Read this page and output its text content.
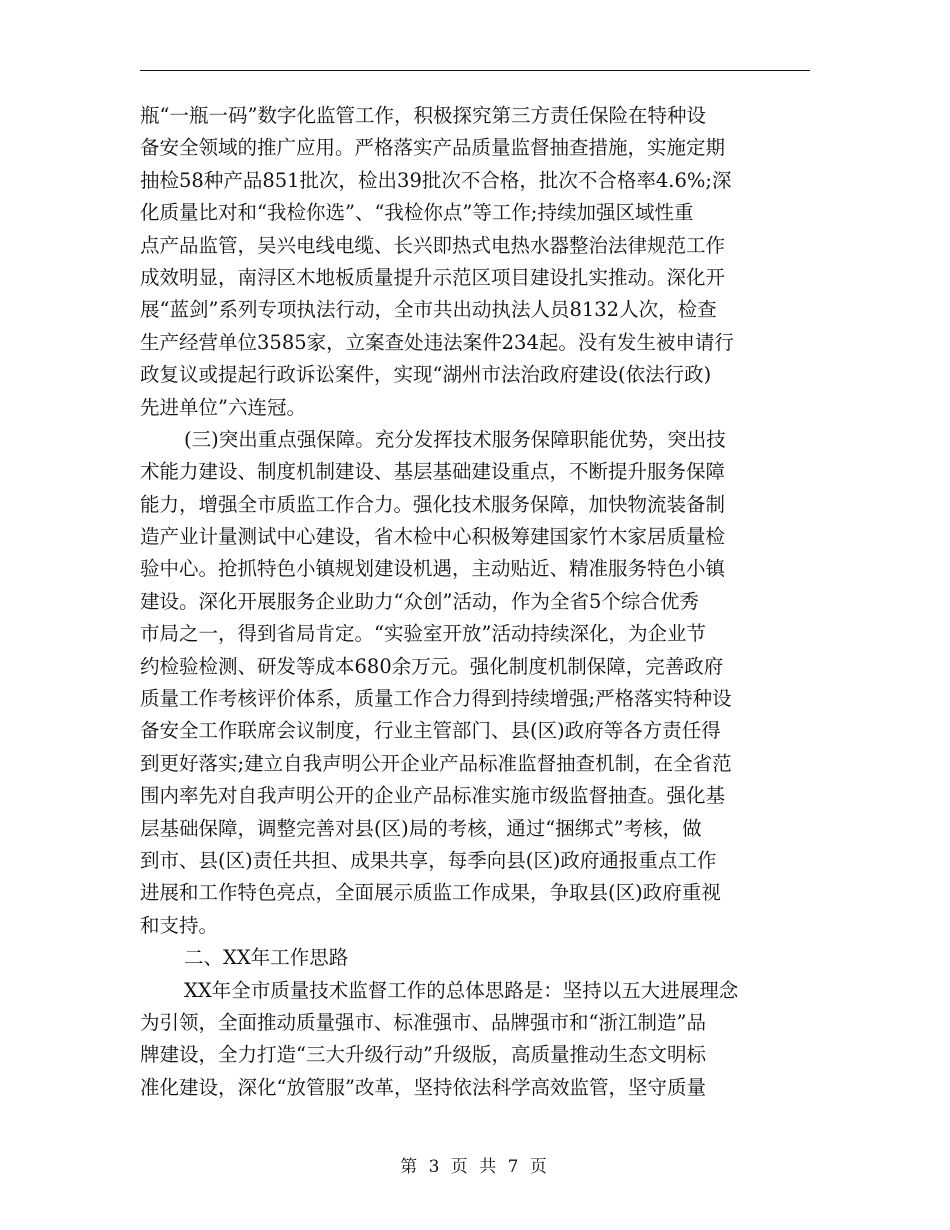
瓶“一瓶一码”数字化监管工作，积极探究第三方责任保险在特种设
备安全领域的推广应用。严格落实产品质量监督抽查措施，实施定期
抽检58种产品851批次，检出39批次不合格，批次不合格率4.6%;深
化质量比对和“我检你选”、“我检你点”等工作;持续加强区域性重
点产品监管，吴兴电线电缆、长兴即热式电热水器整治法律规范工作
成效明显，南浔区木地板质量提升示范区项目建设扎实推动。深化开
展“蓝剑”系列专项执法行动，全市共出动执法人员8132人次，检查
生产经营单位3585家，立案查处违法案件234起。没有发生被申请行
政复议或提起行政诉讼案件，实现“湖州市法治政府建设(依法行政)
先进单位”六连冠。
(三)突出重点强保障。充分发挥技术服务保障职能优势，突出技
术能力建设、制度机制建设、基层基础建设重点，不断提升服务保障
能力，增强全市质监工作合力。强化技术服务保障，加快物流装备制
造产业计量测试中心建设，省木检中心积极筹建国家竹木家居质量检
验中心。抢抓特色小镇规划建设机遇，主动贴近、精准服务特色小镇
建设。深化开展服务企业助力“众创”活动，作为全省5个综合优秀
市局之一，得到省局肯定。“实验室开放”活动持续深化，为企业节
约检验检测、研发等成本680余万元。强化制度机制保障，完善政府
质量工作考核评价体系，质量工作合力得到持续增强;严格落实特种设
备安全工作联席会议制度，行业主管部门、县(区)政府等各方责任得
到更好落实;建立自我声明公开企业产品标准监督抽查机制，在全省范
围内率先对自我声明公开的企业产品标准实施市级监督抽查。强化基
层基础保障，调整完善对县(区)局的考核，通过“捆绑式”考核，做
到市、县(区)责任共担、成果共享，每季向县(区)政府通报重点工作
进展和工作特色亮点，全面展示质监工作成果，争取县(区)政府重视
和支持。
二、XX年工作思路
XX年全市质量技术监督工作的总体思路是：坚持以五大进展理念
为引领，全面推动质量强市、标准强市、品牌强市和“浙江制造”品
牌建设，全力打造“三大升级行动”升级版，高质量推动生态文明标
准化建设，深化“放管服”改革，坚持依法科学高效监管，坚守质量
第 3 页 共 7 页
